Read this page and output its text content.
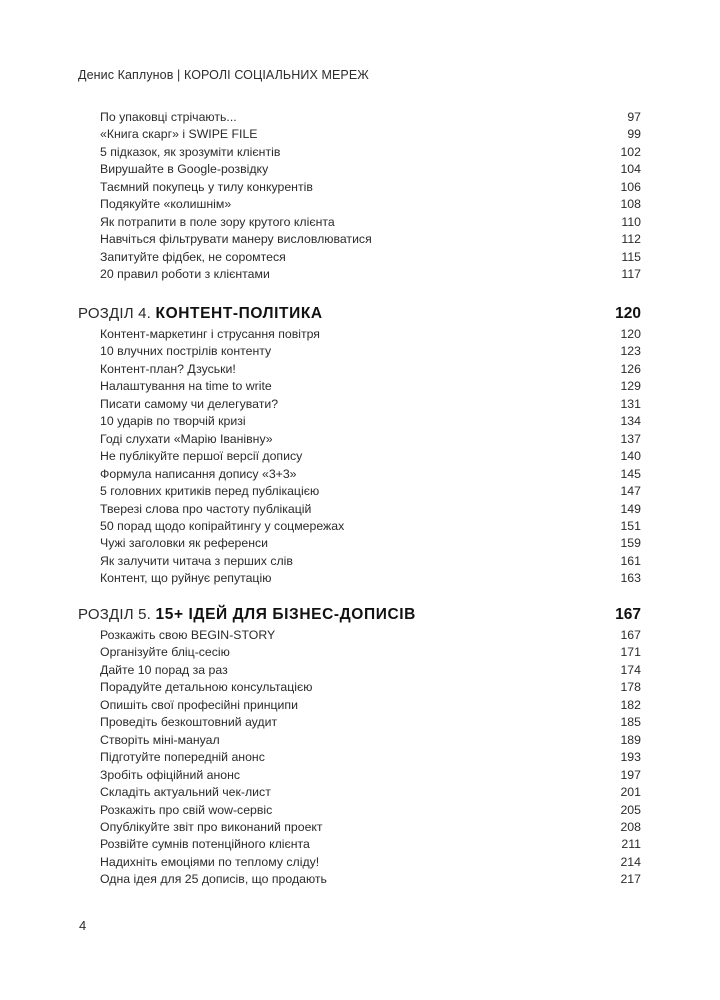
Денис Каплунов | КОРОЛІ СОЦІАЛЬНИХ МЕРЕЖ
По упаковці стрічають...	97
«Книга скарг» і SWIPE FILE	99
5 підказок, як зрозуміти клієнтів	102
Вирушайте в Google-розвідку	104
Таємний покупець у тилу конкурентів	106
Подякуйте «колишнім»	108
Як потрапити в поле зору крутого клієнта	110
Навчіться фільтрувати манеру висловлюватися	112
Запитуйте фідбек, не соромтеся	115
20 правил роботи з клієнтами	117
РОЗДІЛ 4. КОНТЕНТ-ПОЛІТИКА	120
Контент-маркетинг і струсання повітря	120
10 влучних пострілів контенту	123
Контент-план? Дзуськи!	126
Налаштування на time to write	129
Писати самому чи делегувати?	131
10 ударів по творчій кризі	134
Годі слухати «Марію Іванівну»	137
Не публікуйте першої версії допису	140
Формула написання допису «3+3»	145
5 головних критиків перед публікацією	147
Тверезі слова про частоту публікацій	149
50 порад щодо копірайтингу у соцмережах	151
Чужі заголовки як референси	159
Як залучити читача з перших слів	161
Контент, що руйнує репутацію	163
РОЗДІЛ 5. 15+ ІДЕЙ ДЛЯ БІЗНЕС-ДОПИСІВ	167
Розкажіть свою BEGIN-STORY	167
Організуйте бліц-сесію	171
Дайте 10 порад за раз	174
Порадуйте детальною консультацією	178
Опишіть свої професійні принципи	182
Проведіть безкоштовний аудит	185
Створіть міні-мануал	189
Підготуйте попередній анонс	193
Зробіть офіційний анонс	197
Складіть актуальний чек-лист	201
Розкажіть про свій wow-сервіс	205
Опублікуйте звіт про виконаний проект	208
Розвійте сумнів потенційного клієнта	211
Надихніть емоціями по теплому сліду!	214
Одна ідея для 25 дописів, що продають	217
4
